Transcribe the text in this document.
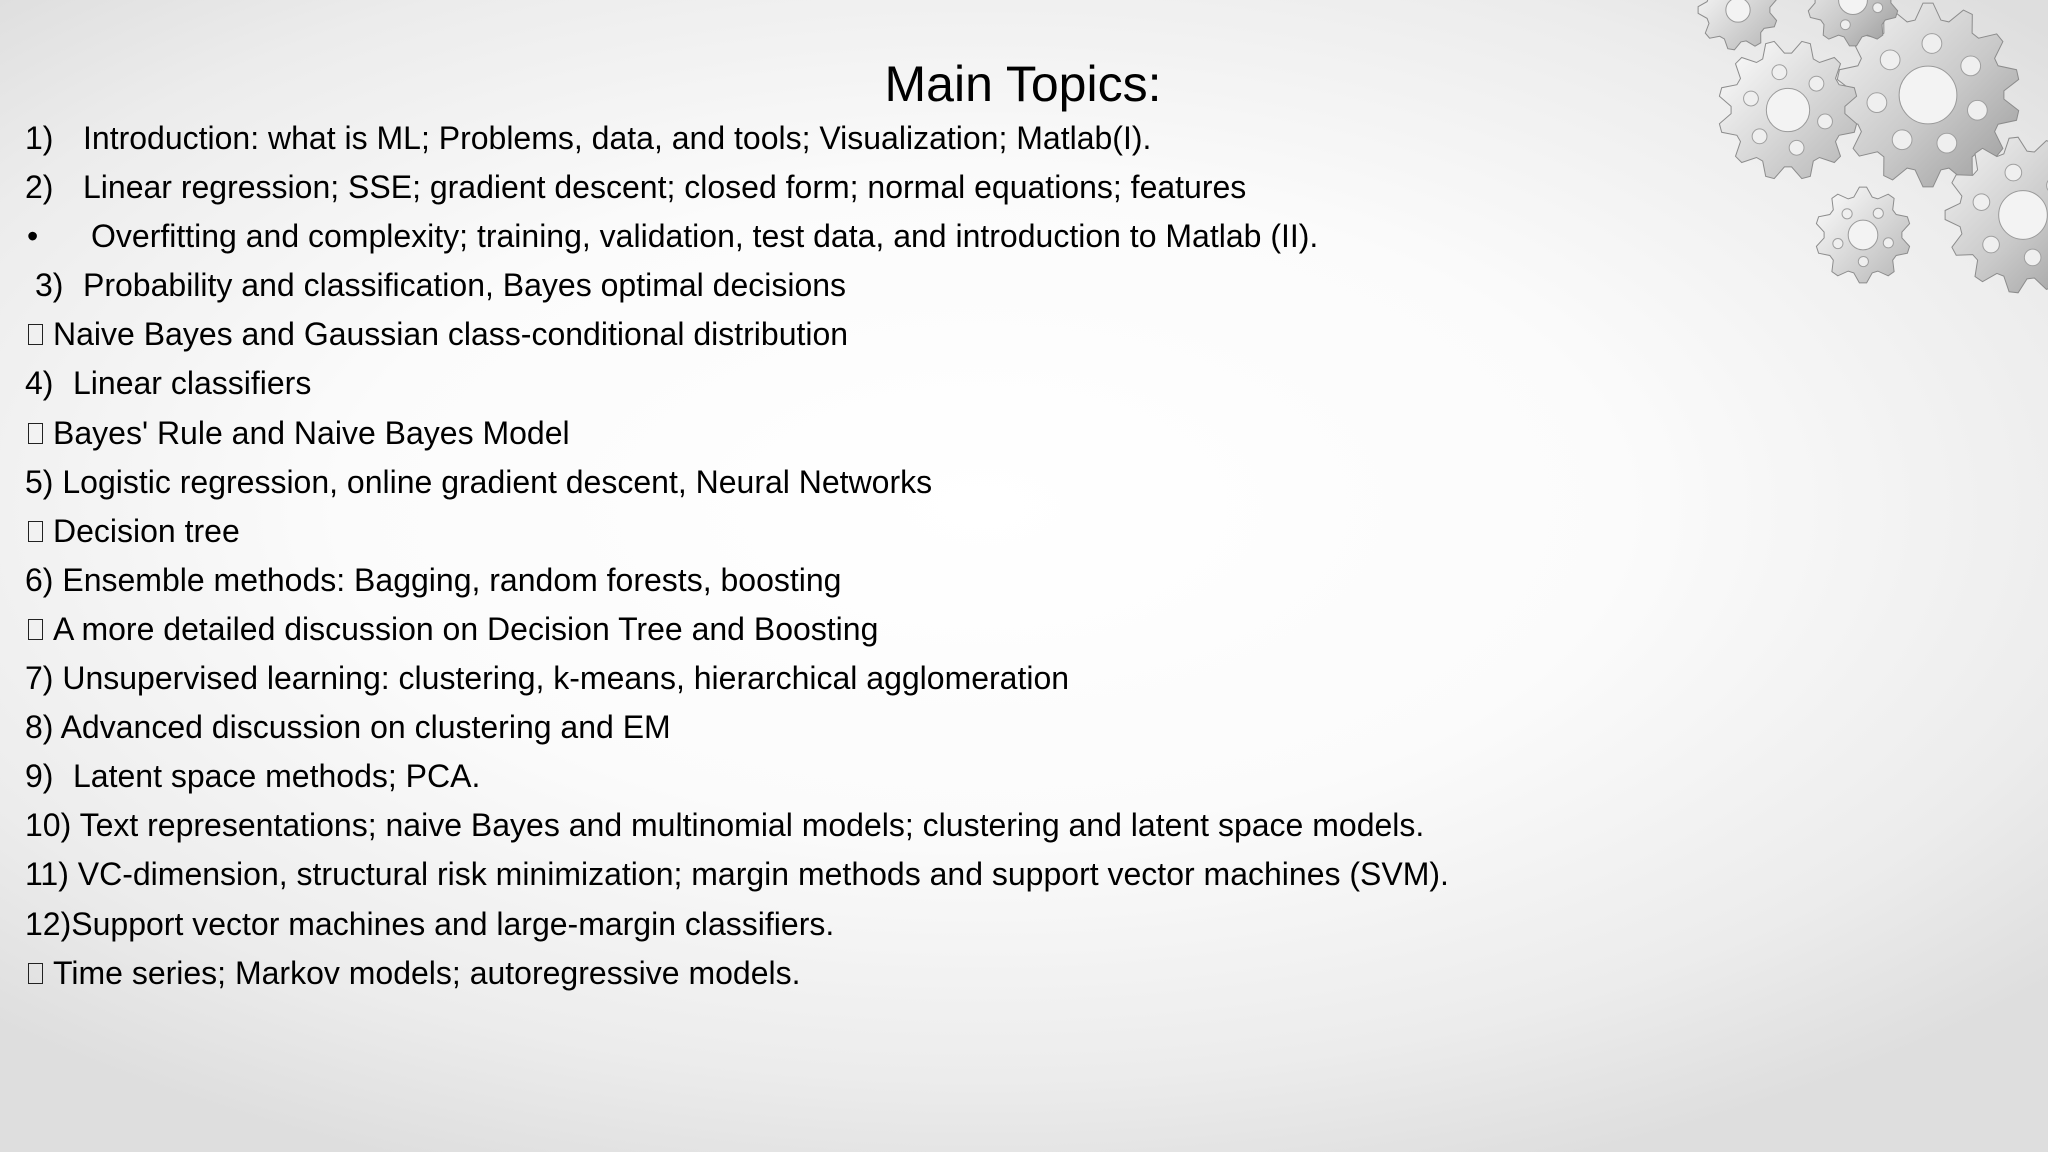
Main Topics:
1) Introduction: what is ML; Problems, data, and tools; Visualization; Matlab(I).
2) Linear regression; SSE; gradient descent; closed form; normal equations; features
•	Overfitting and complexity; training, validation, test data, and introduction to Matlab (II).
3) Probability and classification, Bayes optimal decisions
Naive Bayes and Gaussian class-conditional distribution
4) Linear classifiers
Bayes' Rule and Naive Bayes Model
5) Logistic regression, online gradient descent, Neural Networks
Decision tree
6) Ensemble methods: Bagging, random forests, boosting
A more detailed discussion on Decision Tree and Boosting
7) Unsupervised learning: clustering, k-means, hierarchical agglomeration
8) Advanced discussion on clustering and EM
9) Latent space methods; PCA.
10) Text representations; naive Bayes and multinomial models; clustering and latent space models.
11) VC-dimension, structural risk minimization; margin methods and support vector machines (SVM).
12)Support vector machines and large-margin classifiers.
Time series; Markov models; autoregressive models.
